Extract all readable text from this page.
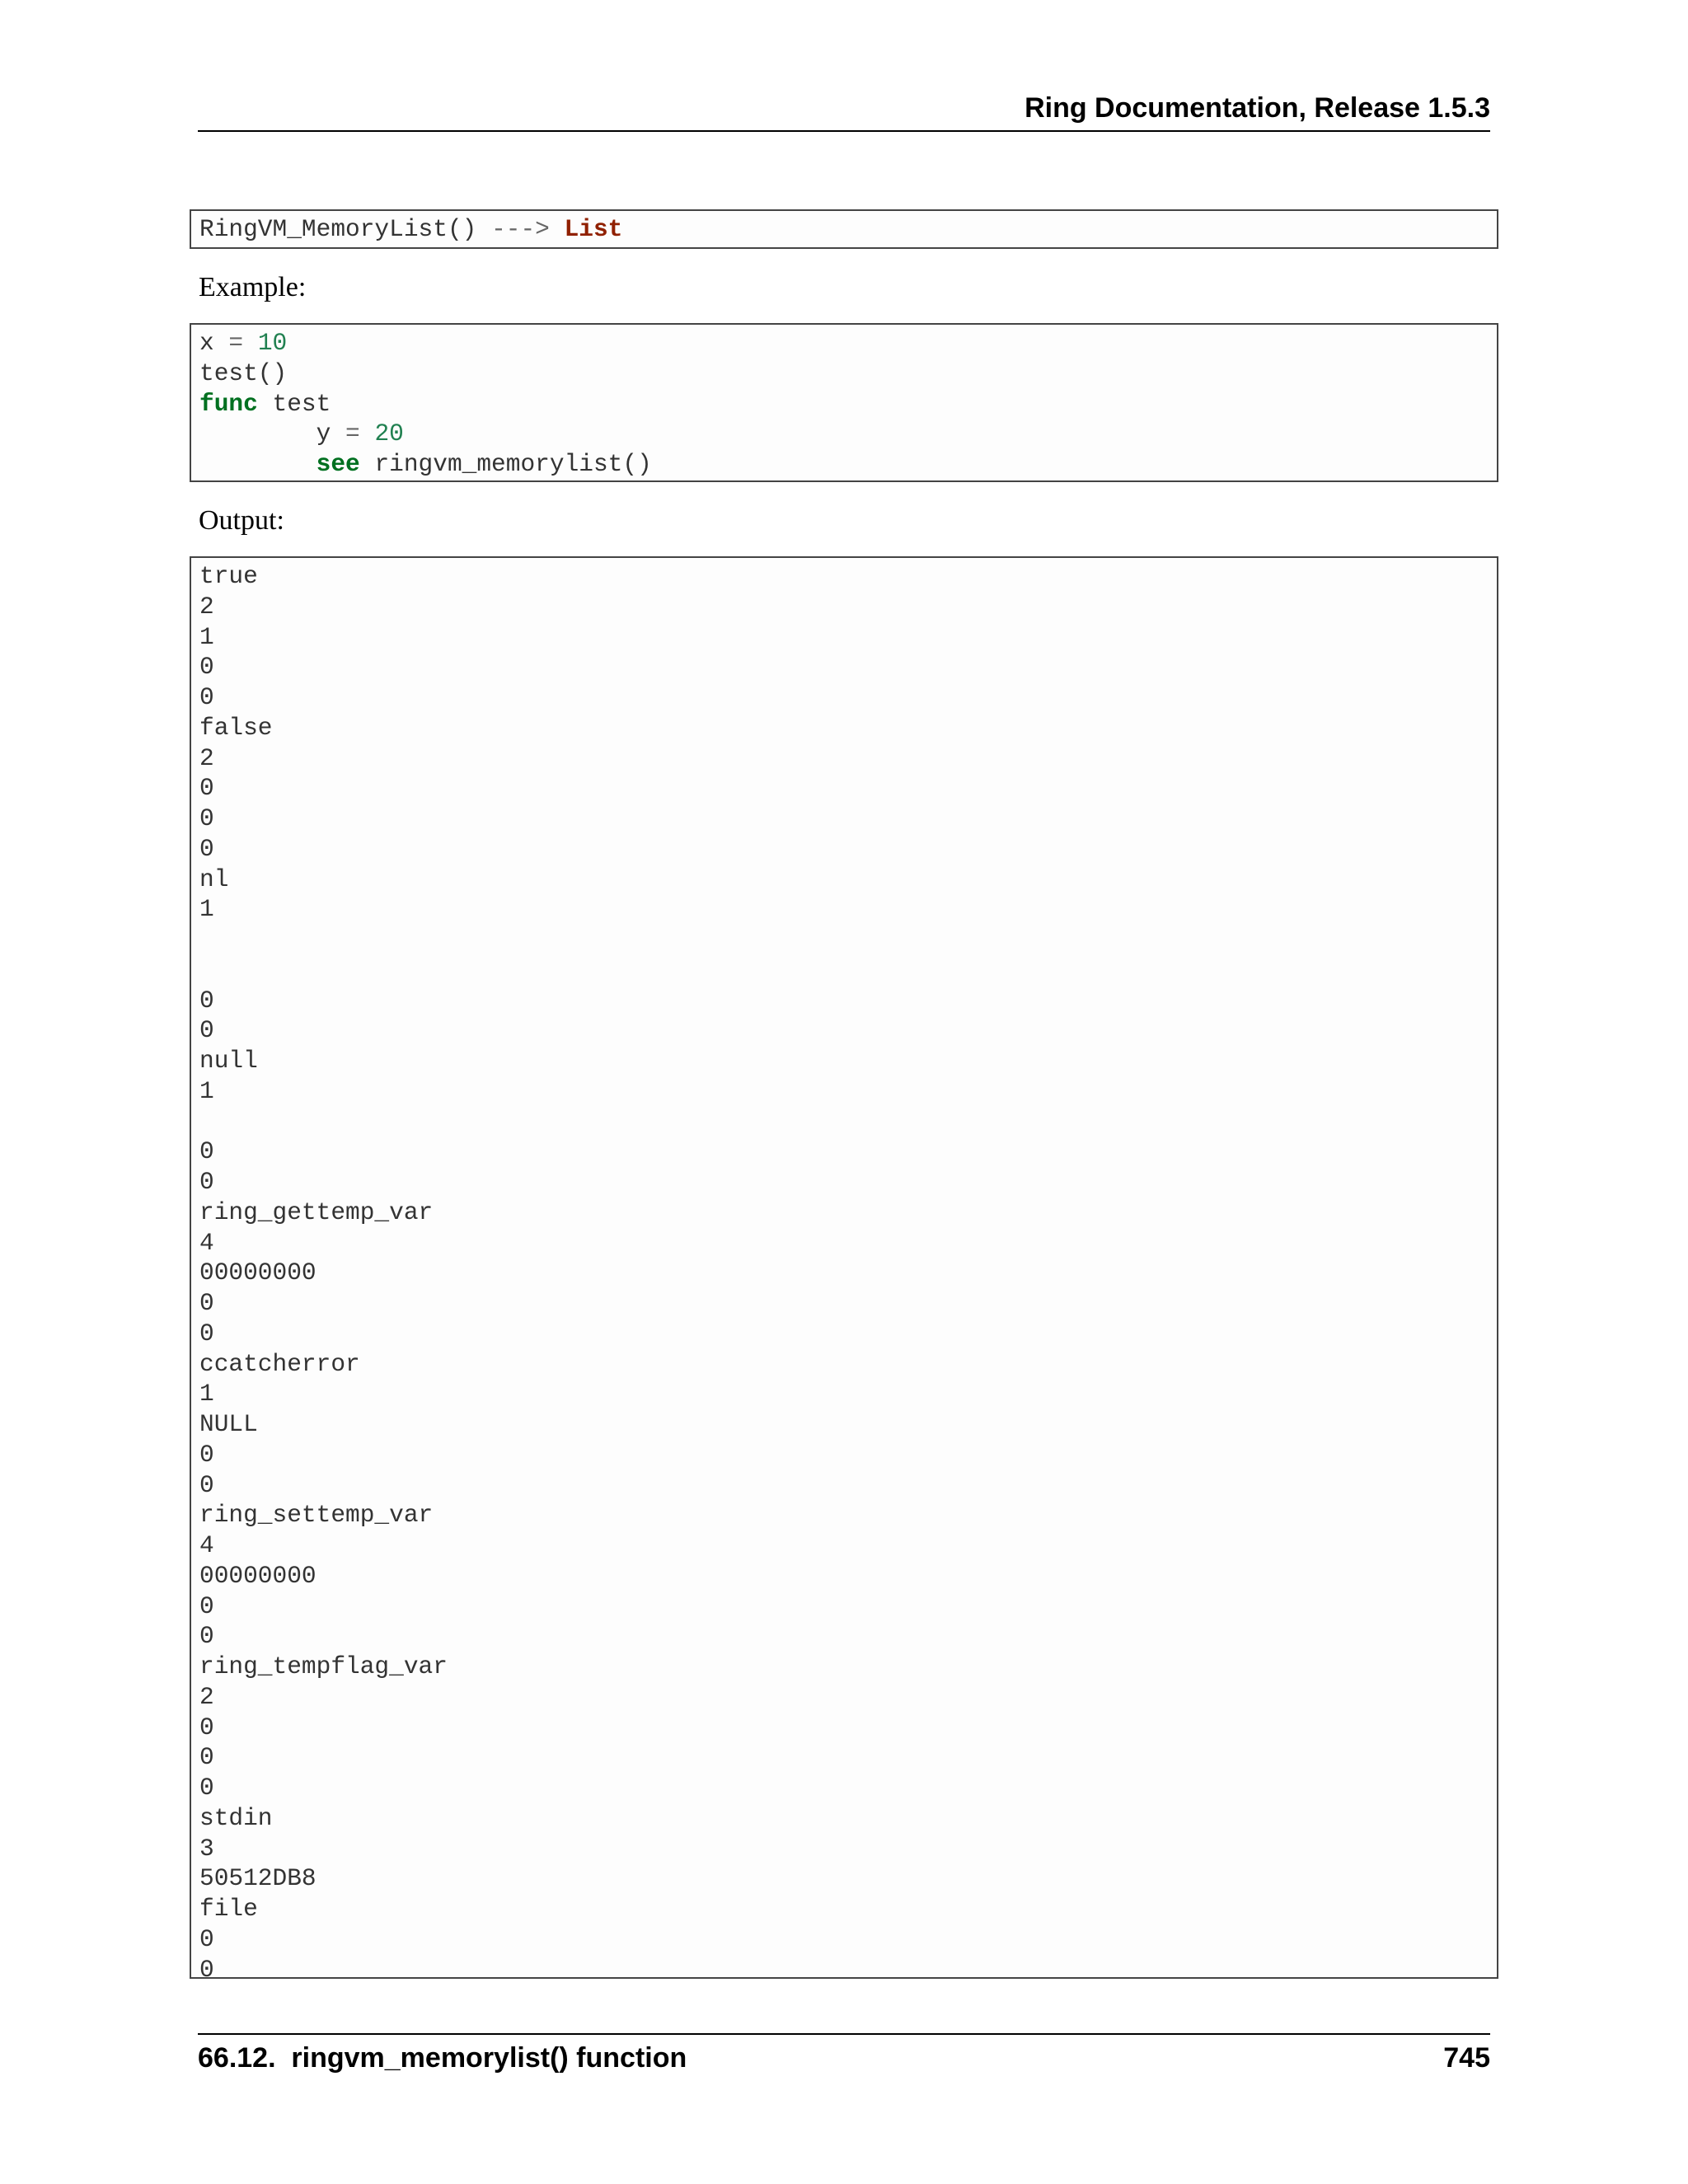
Ring Documentation, Release 1.5.3
RingVM_MemoryList() ---> List
Example:
x = 10
test()
func test
y = 20
see ringvm_memorylist()
Output:
true
2
1
0
0
false
2
0
0
0
nl
1
0
0
null
1
0
0
ring_gettemp_var
4
00000000
0
0
ccatcherror
1
NULL
0
0
ring_settemp_var
4
00000000
0
0
ring_tempflag_var
2
0
0
0
stdin
3
50512DB8
file
0
0
66.12.  ringvm_memorylist() function	745
